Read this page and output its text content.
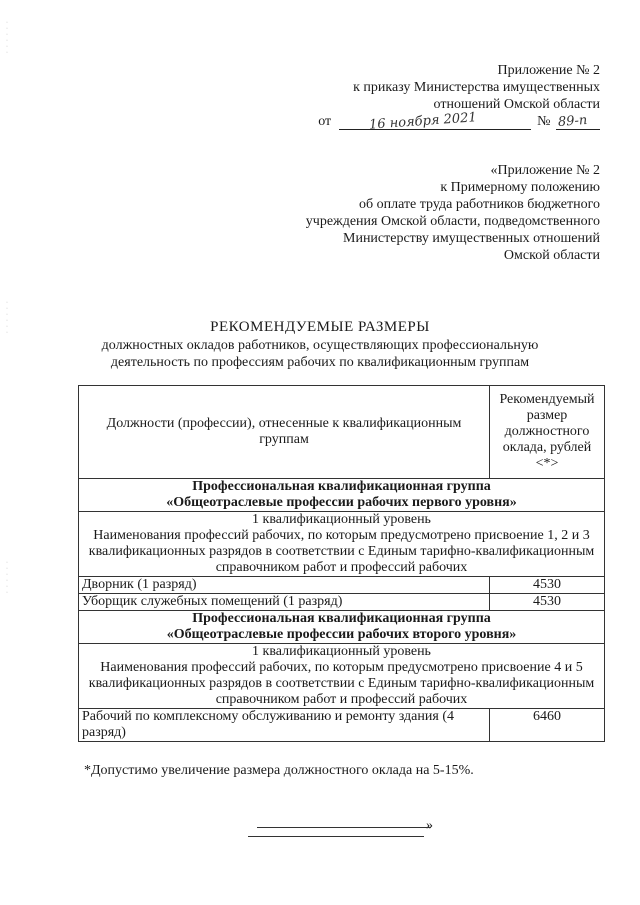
·
·
·
·
·
·
·
·
·
·
·
·
·
·
·
·
·
·
Приложение № 2
к приказу Министерства имущественных
отношений Омской области
от	16 ноября 2021	№ 89-п
«Приложение № 2
к Примерному положению
об оплате труда работников бюджетного
учреждения Омской области, подведомственного
Министерству имущественных отношений
Омской области
РЕКОМЕНДУЕМЫЕ РАЗМЕРЫ
должностных окладов работников, осуществляющих профессиональную
деятельность по профессиям рабочих по квалификационным группам
Должности (профессии), отнесенные к квалификационным группам	Рекомендуемый размер должностного оклада, рублей <*>

Профессиональная квалификационная группа
«Общеотраслевые профессии рабочих первого уровня»	

1 квалификационный уровень
Наименования профессий рабочих, по которым предусмотрено присвоение 1, 2 и 3 квалификационных разрядов в соответствии с Единым тарифно-квалификационным справочником работ и профессий рабочих	

Дворник (1 разряд)	4530
Уборщик служебных помещений (1 разряд)	4530

Профессиональная квалификационная группа
«Общеотраслевые профессии рабочих второго уровня»	

1 квалификационный уровень
Наименования профессий рабочих, по которым предусмотрено присвоение 4 и 5 квалификационных разрядов в соответствии с Единым тарифно-квалификационным справочником работ и профессий рабочих	

Рабочий по комплексному обслуживанию и ремонту здания (4 разряд)	6460
*Допустимо увеличение размера должностного оклада на 5-15%.
»
